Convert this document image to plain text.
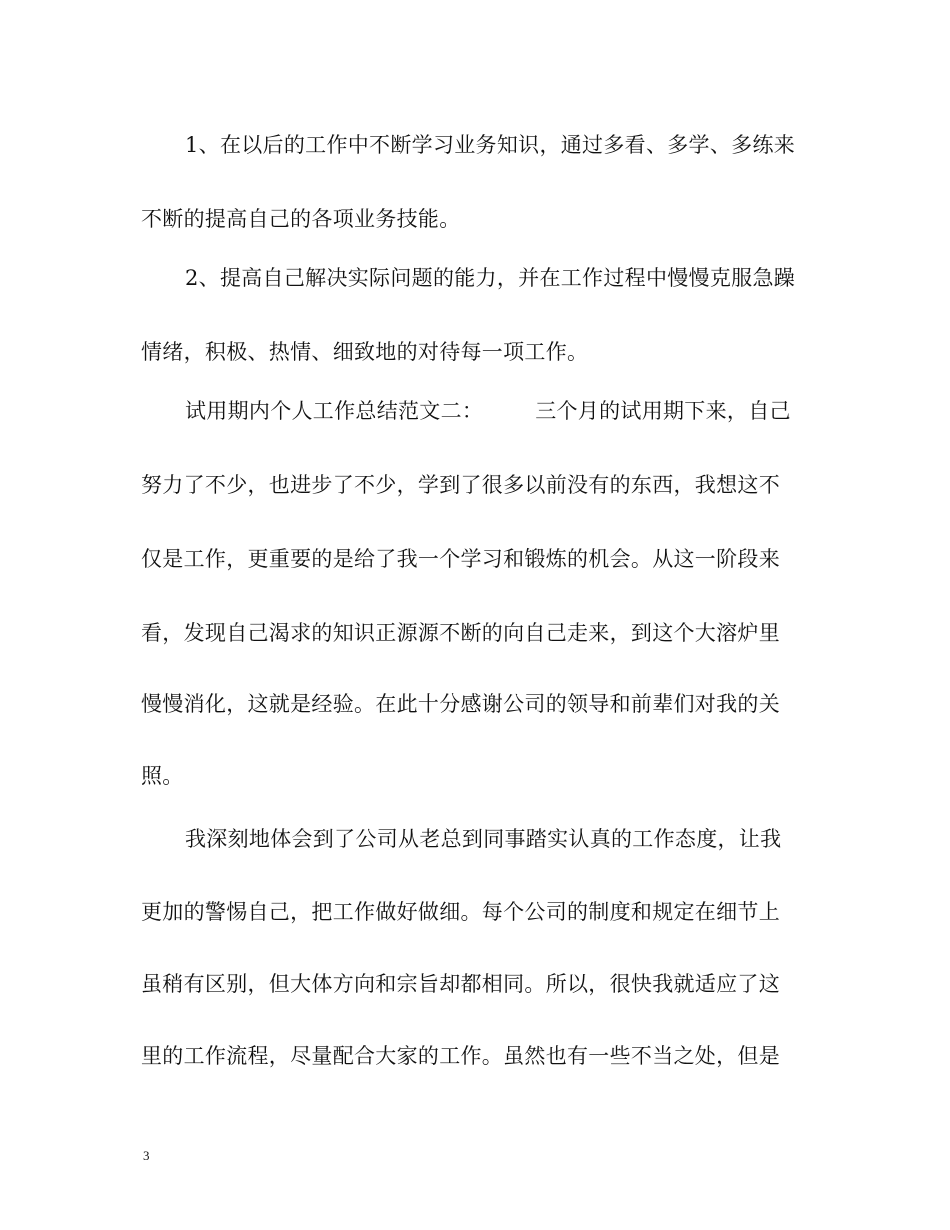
1、在以后的工作中不断学习业务知识，通过多看、多学、多练来
不断的提高自己的各项业务技能。
2、提高自己解决实际问题的能力，并在工作过程中慢慢克服急躁
情绪，积极、热情、细致地的对待每一项工作。
试用期内个人工作总结范文二： 三个月的试用期下来，自己
努力了不少，也进步了不少，学到了很多以前没有的东西，我想这不
仅是工作，更重要的是给了我一个学习和锻炼的机会。从这一阶段来
看，发现自己渴求的知识正源源不断的向自己走来，到这个大溶炉里
慢慢消化，这就是经验。在此十分感谢公司的领导和前辈们对我的关
照。
我深刻地体会到了公司从老总到同事踏实认真的工作态度，让我
更加的警惕自己，把工作做好做细。每个公司的制度和规定在细节上
虽稍有区别，但大体方向和宗旨却都相同。所以，很快我就适应了这
里的工作流程，尽量配合大家的工作。虽然也有一些不当之处，但是
3
